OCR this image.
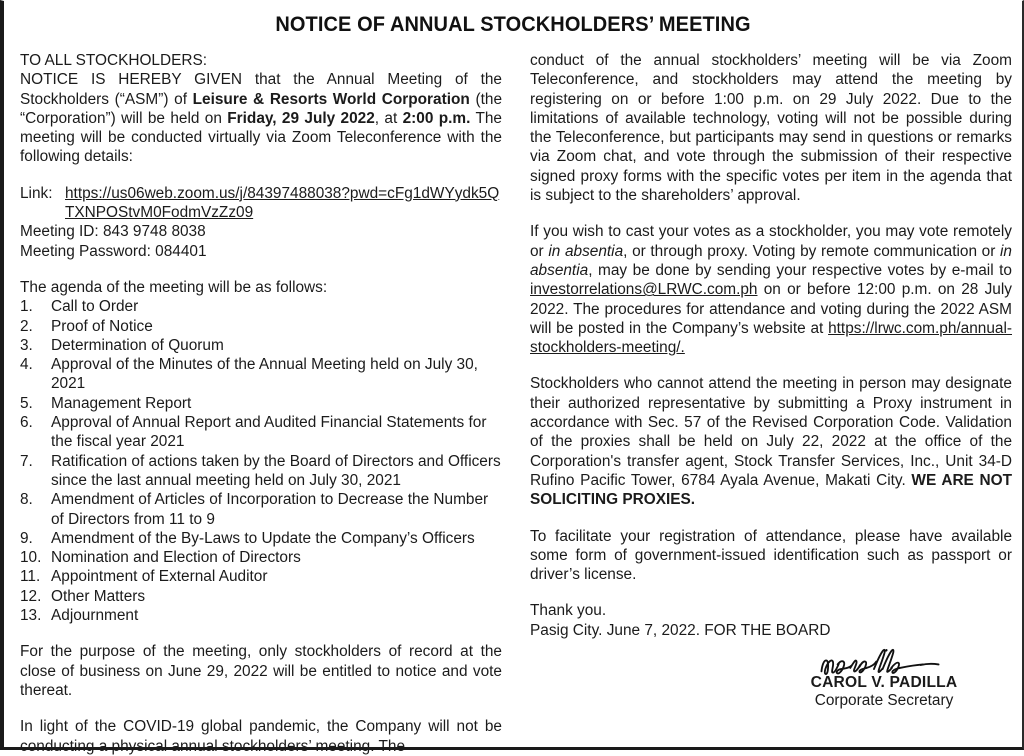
NOTICE OF ANNUAL STOCKHOLDERS’ MEETING
TO ALL STOCKHOLDERS:

NOTICE IS HEREBY GIVEN that the Annual Meeting of the Stockholders (“ASM”) of Leisure & Resorts World Corporation (the “Corporation”) will be held on Friday, 29 July 2022, at 2:00 p.m. The meeting will be conducted virtually via Zoom Teleconference with the following details:

Link: https://us06web.zoom.us/j/84397488038?pwd=cFg1dWYydk5QTXNPOStvM0FodmVzZz09
Meeting ID: 843 9748 8038
Meeting Password: 084401
The agenda of the meeting will be as follows:
1.	Call to Order
2.	Proof of Notice
3.	Determination of Quorum
4.	Approval of the Minutes of the Annual Meeting held on July 30, 2021
5.	Management Report
6.	Approval of Annual Report and Audited Financial Statements for the fiscal year 2021
7.	Ratification of actions taken by the Board of Directors and Officers since the last annual meeting held on July 30, 2021
8.	Amendment of Articles of Incorporation to Decrease the Number of Directors from 11 to 9
9.	Amendment of the By-Laws to Update the Company’s Officers
10. Nomination and Election of Directors
11. Appointment of External Auditor
12. Other Matters
13. Adjournment

For the purpose of the meeting, only stockholders of record at the close of business on June 29, 2022 will be entitled to notice and vote thereat.

In light of the COVID-19 global pandemic, the Company will not be conducting a physical annual stockholders’ meeting. The

conduct of the annual stockholders’ meeting will be via Zoom Teleconference, and stockholders may attend the meeting by registering on or before 1:00 p.m. on 29 July 2022. Due to the limitations of available technology, voting will not be possible during the Teleconference, but participants may send in questions or remarks via Zoom chat, and vote through the submission of their respective signed proxy forms with the specific votes per item in the agenda that is subject to the shareholders’ approval.

If you wish to cast your votes as a stockholder, you may vote remotely or in absentia, or through proxy. Voting by remote communication or in absentia, may be done by sending your respective votes by e-mail to investorrelations@LRWC.com.ph on or before 12:00 p.m. on 28 July 2022. The procedures for attendance and voting during the 2022 ASM will be posted in the Company’s website at https://lrwc.com.ph/annual-stockholders-meeting/.

Stockholders who cannot attend the meeting in person may designate their authorized representative by submitting a Proxy instrument in accordance with Sec. 57 of the Revised Corporation Code. Validation of the proxies shall be held on July 22, 2022 at the office of the Corporation's transfer agent, Stock Transfer Services, Inc., Unit 34-D Rufino Pacific Tower, 6784 Ayala Avenue, Makati City. WE ARE NOT SOLICITING PROXIES.

To facilitate your registration of attendance, please have available some form of government-issued identification such as passport or driver’s license.

Thank you.
Pasig City. June 7, 2022. FOR THE BOARD
CAROL V. PADILLA
Corporate Secretary
